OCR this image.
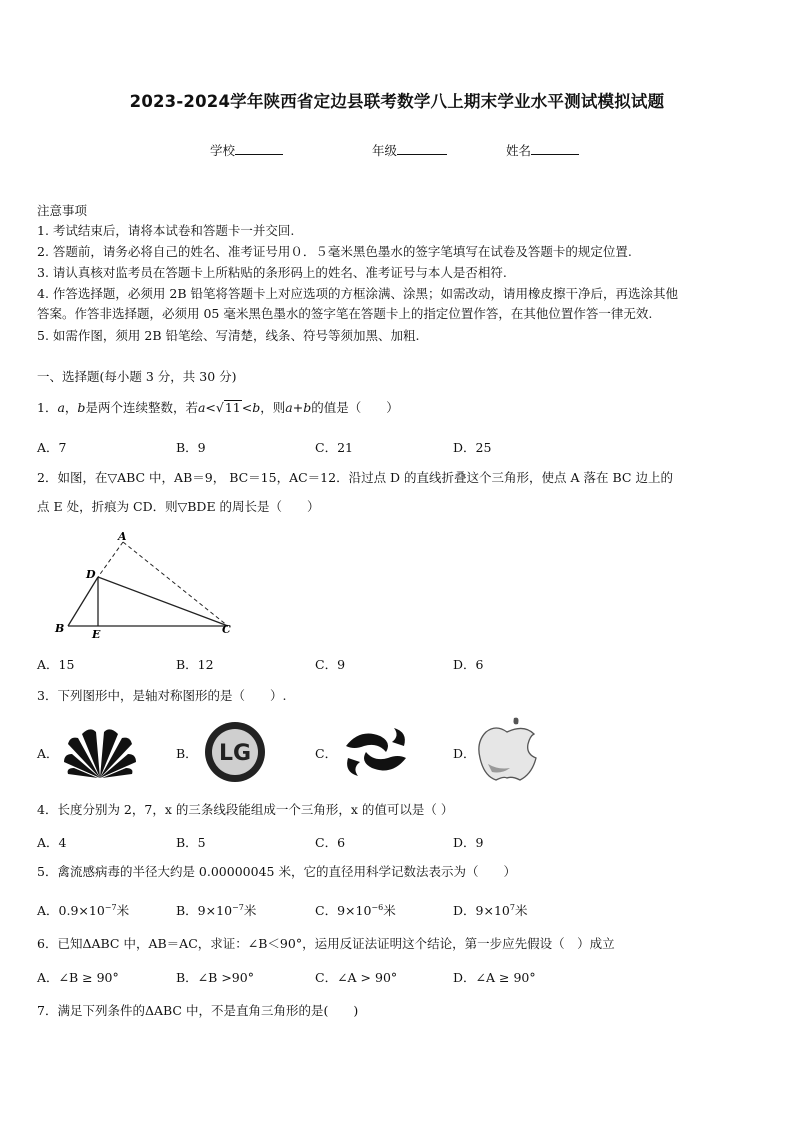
2023-2024学年陕西省定边县联考数学八上期末学业水平测试模拟试题
学校	年级	姓名
注意事项
1. 考试结束后，请将本试卷和答题卡一并交回.
2. 答题前，请务必将自己的姓名、准考证号用０．５毫米黑色墨水的签字笔填写在试卷及答题卡的规定位置.
3. 请认真核对监考员在答题卡上所粘贴的条形码上的姓名、准考证号与本人是否相符.
4. 作答选择题，必须用 2B 铅笔将答题卡上对应选项的方框涂满、涂黑；如需改动，请用橡皮擦干净后，再选涂其他
答案。作答非选择题，必须用 05 毫米黑色墨水的签字笔在答题卡上的指定位置作答，在其他位置作答一律无效.
5. 如需作图，须用 2B 铅笔绘、写清楚，线条、符号等须加黑、加粗.
一、选择题(每小题 3 分，共 30 分)
1．a，b是两个连续整数，若a<√11<b，则a+b的值是（　　）
A．7	B．9	C．21	D．25
2．如图，在▽ABC 中，AB＝9， BC＝15，AC＝12．沿过点 D 的直线折叠这个三角形，使点 A 落在 BC 边上的
点 E 处，折痕为 CD．则▽BDE 的周长是（　　）
A
D
B	E	C
A．15	B．12	C．9	D．6
3．下列图形中，是轴对称图形的是（　　）.
A．	B． LG	C．	D．
4．长度分别为 2，7，x 的三条线段能组成一个三角形，x 的值可以是（ ）
A．4	B．5	C．6	D．9
5．禽流感病毒的半径大约是 0.00000045 米，它的直径用科学记数法表示为（　　）
A．$0.9\times 10^{-7}$米	B．$9\times 10^{-7}$米	C．$9\times 10^{-6}$米	D．$9\times 10^7$米
6．已知ΔABC 中，AB＝AC，求证：∠B＜90°，运用反证法证明这个结论，第一步应先假设（　）成立
A．∠B ≥ 90°	B．∠B >90°	C．∠A > 90°	D．∠A ≥ 90°
7．满足下列条件的ΔABC 中，不是直角三角形的是(　　)
